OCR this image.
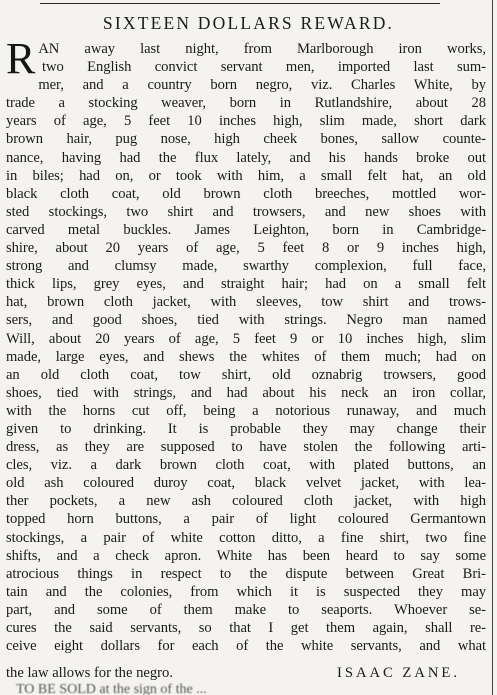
SIXTEEN DOLLARS REWARD.
R AN away last night, from Marlborough iron works,
two English convict servant men, imported last sum-
mer, and a country born negro, viz. Charles White, by
trade a stocking weaver, born in Rutlandshire, about 28
years of age, 5 feet 10 inches high, slim made, short dark
brown hair, pug nose, high cheek bones, sallow counte-
nance, having had the flux lately, and his hands broke out
in biles; had on, or took with him, a small felt hat, an old
black cloth coat, old brown cloth breeches, mottled wor-
sted stockings, two shirt and trowsers, and new shoes with
carved metal buckles. James Leighton, born in Cambridge-
shire, about 20 years of age, 5 feet 8 or 9 inches high,
strong and clumsy made, swarthy complexion, full face,
thick lips, grey eyes, and straight hair; had on a small felt
hat, brown cloth jacket, with sleeves, tow shirt and trows-
sers, and good shoes, tied with strings. Negro man named
Will, about 20 years of age, 5 feet 9 or 10 inches high, slim
made, large eyes, and shews the whites of them much; had on
an old cloth coat, tow shirt, old oznabrig trowsers, good
shoes, tied with strings, and had about his neck an iron collar,
with the horns cut off, being a notorious runaway, and much
given to drinking. It is probable they may change their
dress, as they are supposed to have stolen the following arti-
cles, viz. a dark brown cloth coat, with plated buttons, an
old ash coloured duroy coat, black velvet jacket, with lea-
ther pockets, a new ash coloured cloth jacket, with high
topped horn buttons, a pair of light coloured Germantown
stockings, a pair of white cotton ditto, a fine shirt, two fine
shifts, and a check apron. White has been heard to say some
atrocious things in respect to the dispute between Great Bri-
tain and the colonies, from which it is suspected they may
part, and some of them make to seaports. Whoever se-
cures the said servants, so that I get them again, shall re-
ceive eight dollars for each of the white servants, and what
the law allows for the negro.	ISAAC ZANE.
TO BE SOLD at the sign of the ...
